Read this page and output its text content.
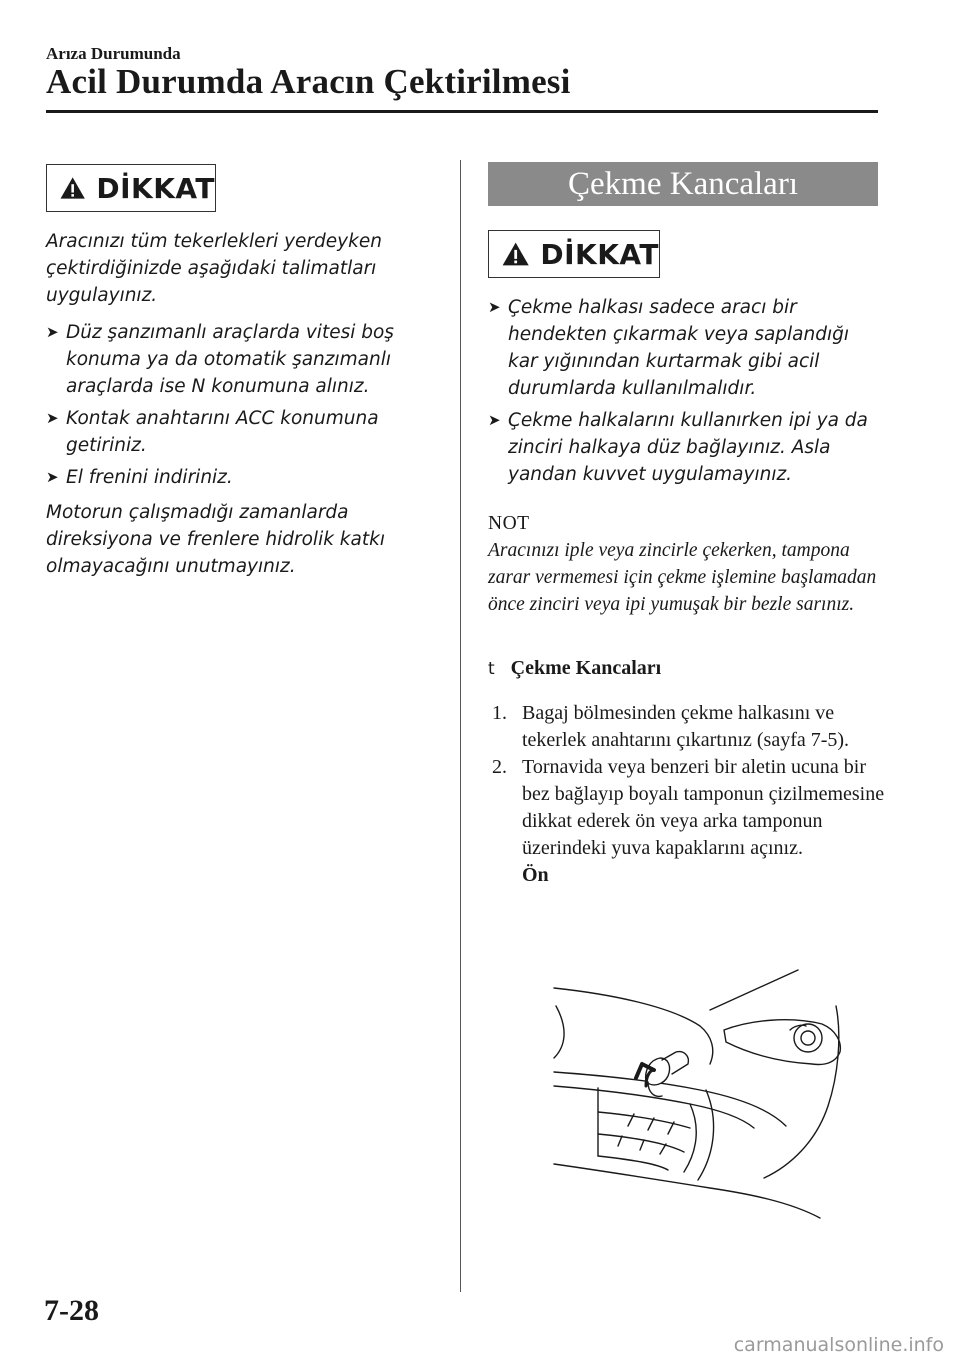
Arıza Durumunda
Acil Durumda Aracın Çektirilmesi
DİKKAT

Aracınızı tüm tekerlekleri yerdeyken çektirdiğinizde aşağıdaki talimatları uygulayınız.

➤ Düz şanzımanlı araçlarda vitesi boş konuma ya da otomatik şanzımanlı araçlarda ise N konumuna alınız.
➤ Kontak anahtarını ACC konumuna getiriniz.
➤ El frenini indiriniz.

Motorun çalışmadığı zamanlarda direksiyona ve frenlere hidrolik katkı olmayacağını unutmayınız.

Çekme Kancaları
DİKKAT
➤ Çekme halkası sadece aracı bir hendekten çıkarmak veya saplandığı kar yığınından kurtarmak gibi acil durumlarda kullanılmalıdır.
➤ Çekme halkalarını kullanırken ipi ya da zinciri halkaya düz bağlayınız. Asla yandan kuvvet uygulamayınız.
NOT
Aracınızı iple veya zincirle çekerken, tampona zarar vermemesi için çekme işlemine başlamadan önce zinciri veya ipi yumuşak bir bezle sarınız.
t Çekme Kancaları
1. Bagaj bölmesinden çekme halkasını ve tekerlek anahtarını çıkartınız (sayfa 7-5).
2. Tornavida veya benzeri bir aletin ucuna bir bez bağlayıp boyalı tamponun çizilmemesine dikkat ederek ön veya arka tamponun üzerindeki yuva kapaklarını açınız.
Ön
7-28
carmanualsonline.info
